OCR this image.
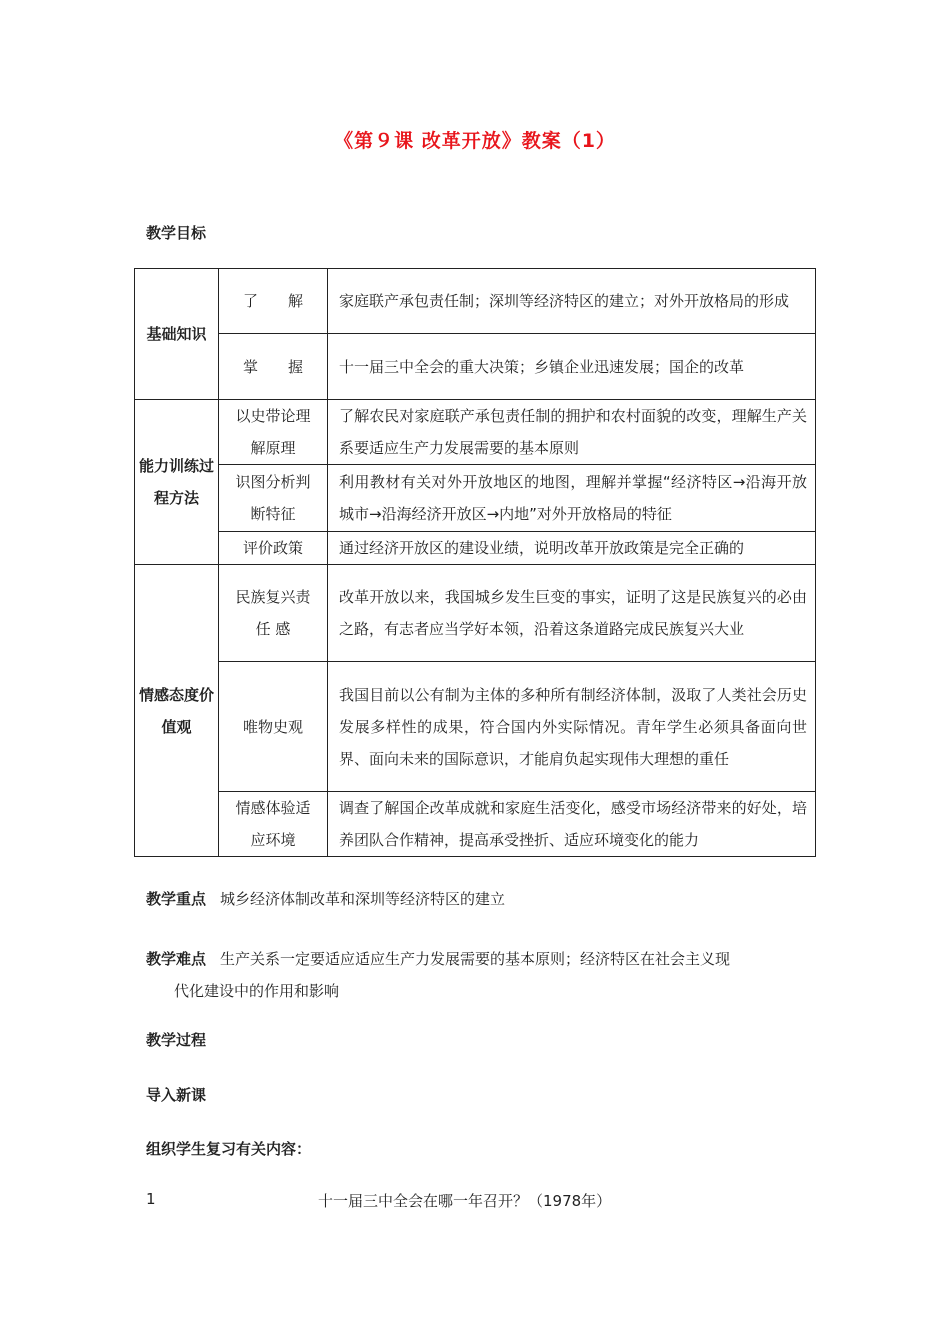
《第９课 改革开放》教案（1）
教学目标
基础知识	了　　解	家庭联产承包责任制；深圳等经济特区的建立；对外开放格局的形成
	掌　　握	十一届三中全会的重大决策；乡镇企业迅速发展；国企的改革
能力训练过程方法	以史带论理解原理	了解农民对家庭联产承包责任制的拥护和农村面貌的改变，理解生产关系要适应生产力发展需要的基本原则
	识图分析判断特征	利用教材有关对外开放地区的地图，理解并掌握“经济特区→沿海开放城市→沿海经济开放区→内地”对外开放格局的特征
	评价政策	通过经济开放区的建设业绩，说明改革开放政策是完全正确的
情感态度价值观	民族复兴责任 感	改革开放以来，我国城乡发生巨变的事实，证明了这是民族复兴的必由之路，有志者应当学好本领，沿着这条道路完成民族复兴大业
	唯物史观	我国目前以公有制为主体的多种所有制经济体制，汲取了人类社会历史发展多样性的成果，符合国内外实际情况。青年学生必须具备面向世界、面向未来的国际意识，才能肩负起实现伟大理想的重任
	情感体验适应环境	调查了解国企改革成就和家庭生活变化，感受市场经济带来的好处，培养团队合作精神，提高承受挫折、适应环境变化的能力
教学重点 城乡经济体制改革和深圳等经济特区的建立
教学难点 生产关系一定要适应适应生产力发展需要的基本原则；经济特区在社会主义现
代化建设中的作用和影响
教学过程
导入新课
组织学生复习有关内容：
1	十一届三中全会在哪一年召开？（1978年）
